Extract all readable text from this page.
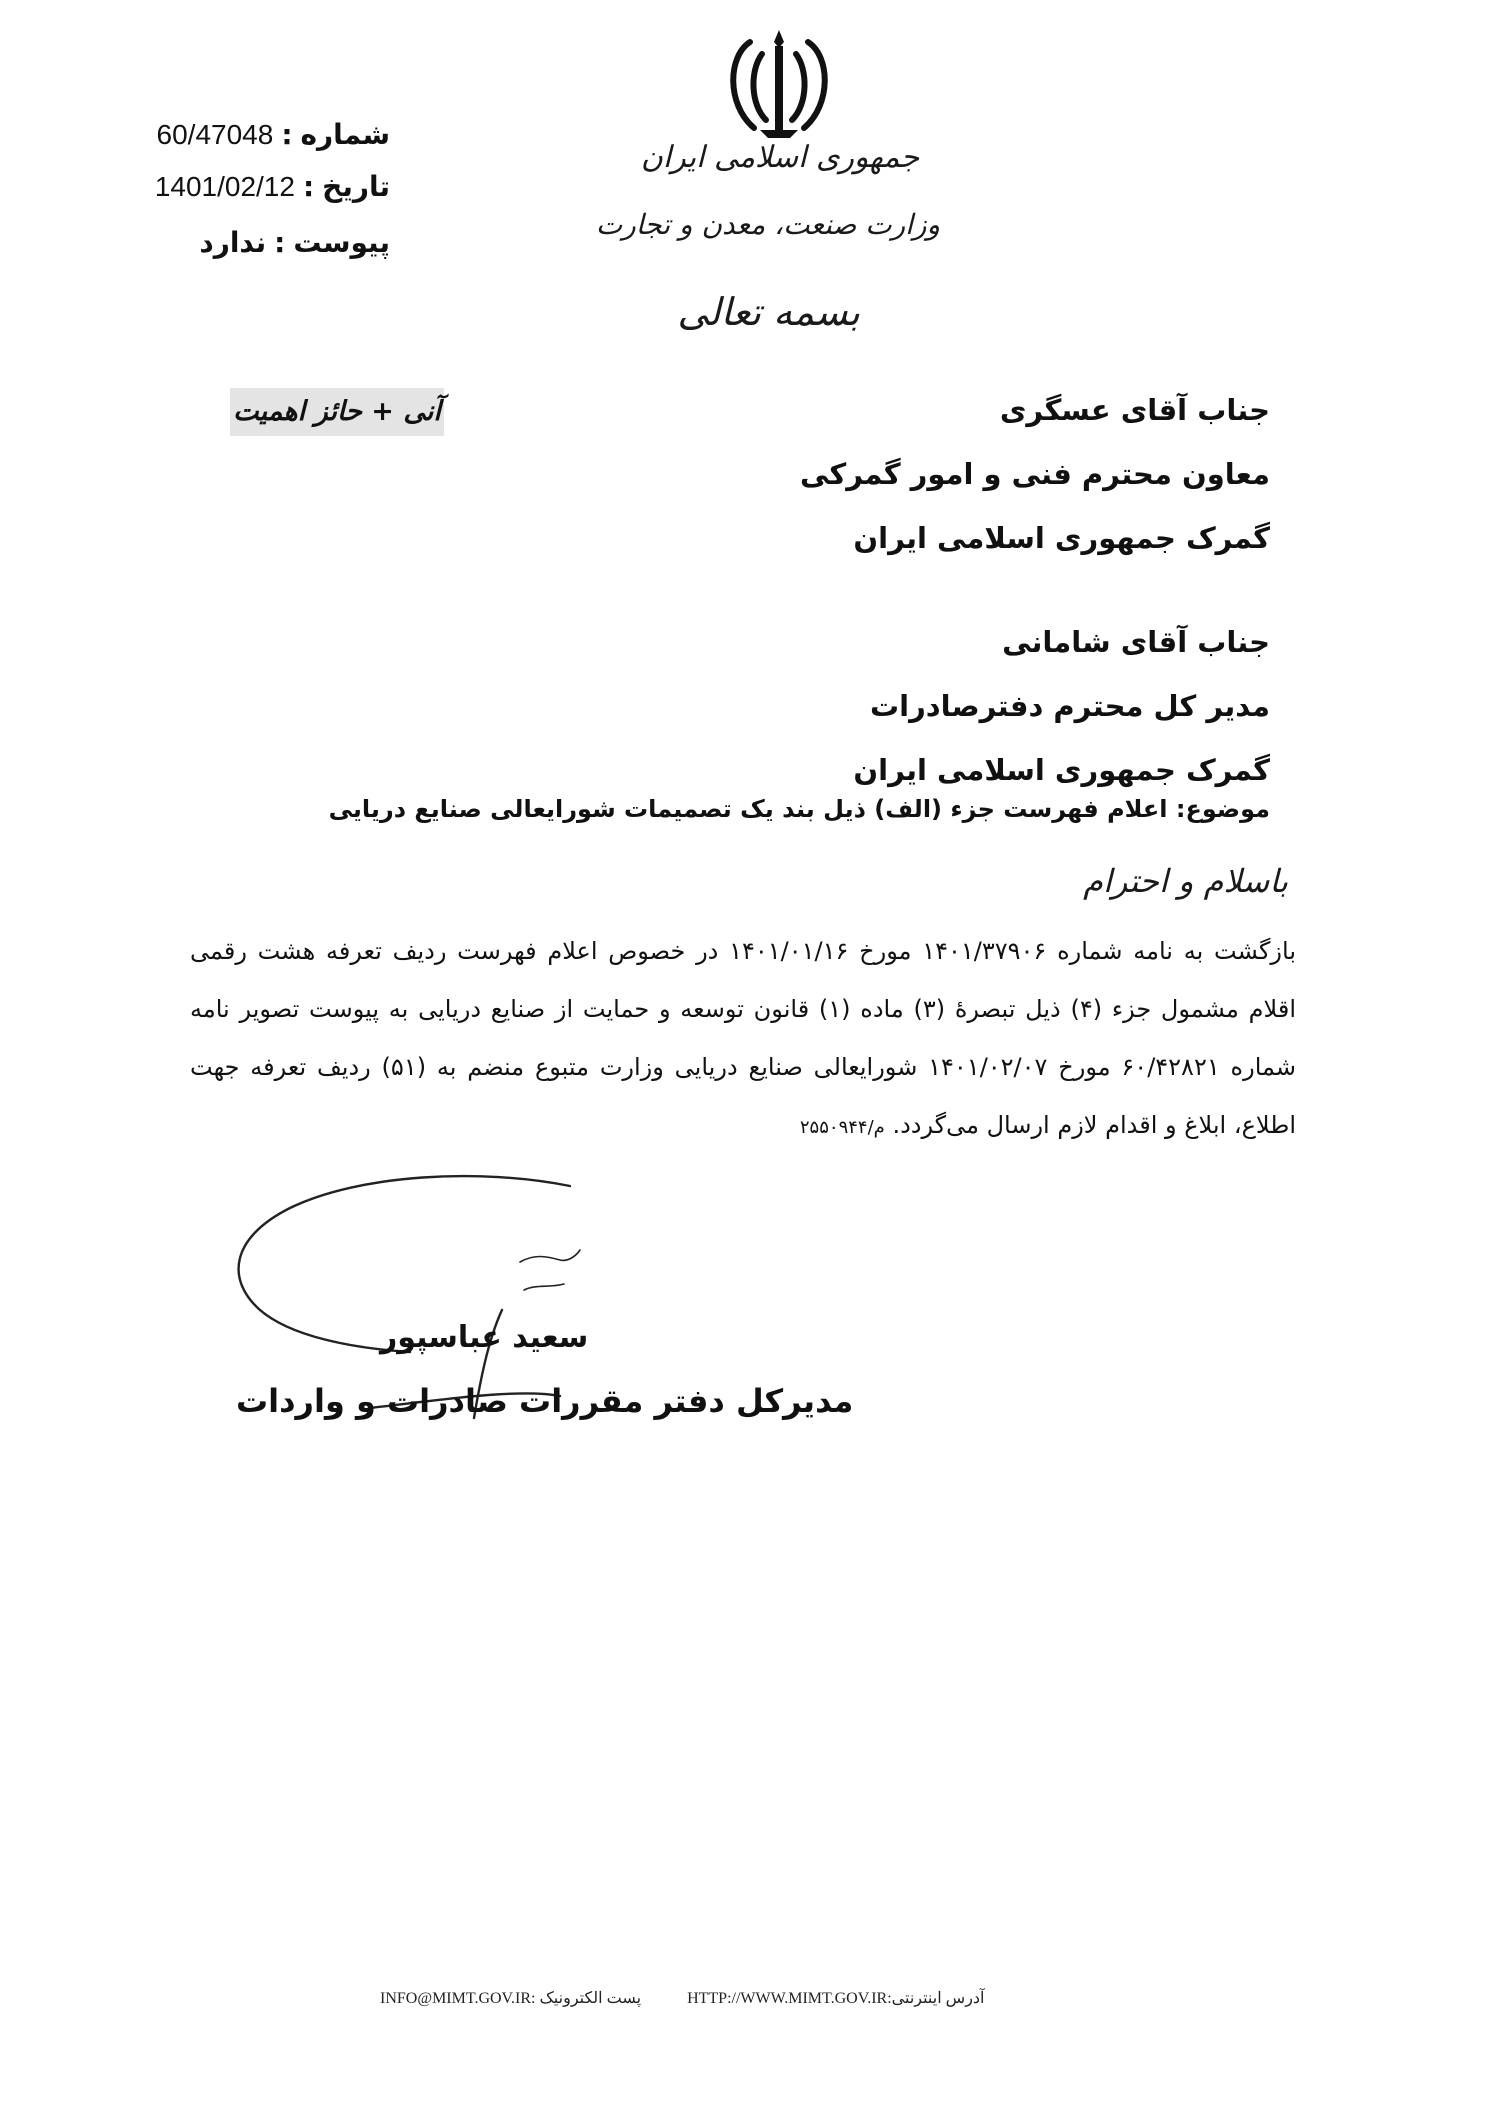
جمهوری اسلامی ایران
وزارت صنعت، معدن و تجارت
بسمه تعالی
شماره:60/47048
تاریخ:1401/02/12
پیوست:ندارد
آنی + حائز اهمیت	جناب آقای عسگری
معاون محترم فنی و امور گمرکی
گمرک جمهوری اسلامی ایران
جناب آقای شامانی
مدیر کل محترم دفترصادرات
گمرک جمهوری اسلامی ایران
موضوع: اعلام فهرست جزء (الف) ذیل بند یک تصمیمات شورایعالی صنایع دریایی
باسلام و احترام

بازگشت به نامه شماره ۱۴۰۱/۳۷۹۰۶ مورخ ۱۴۰۱/۰۱/۱۶ در خصوص اعلام فهرست ردیف تعرفه هشت رقمی اقلام مشمول جزء (۴) ذیل تبصرهٔ (۳) ماده (۱) قانون توسعه و حمایت از صنایع دریایی به پیوست تصویر نامه شماره ۶۰/۴۲۸۲۱ مورخ ۱۴۰۱/۰۲/۰۷ شورایعالی صنایع دریایی وزارت متبوع منضم به (۵۱) ردیف تعرفه جهت اطلاع، ابلاغ و اقدام لازم ارسال می‌گردد. م/۲۵۵۰۹۴۴

سعید عباسپور
مدیرکل دفتر مقررات صادرات و واردات
INFO@MIMT.GOV.IR: پست الکترونیک	HTTP://WWW.MIMT.GOV.IR:آدرس اینترنتی
